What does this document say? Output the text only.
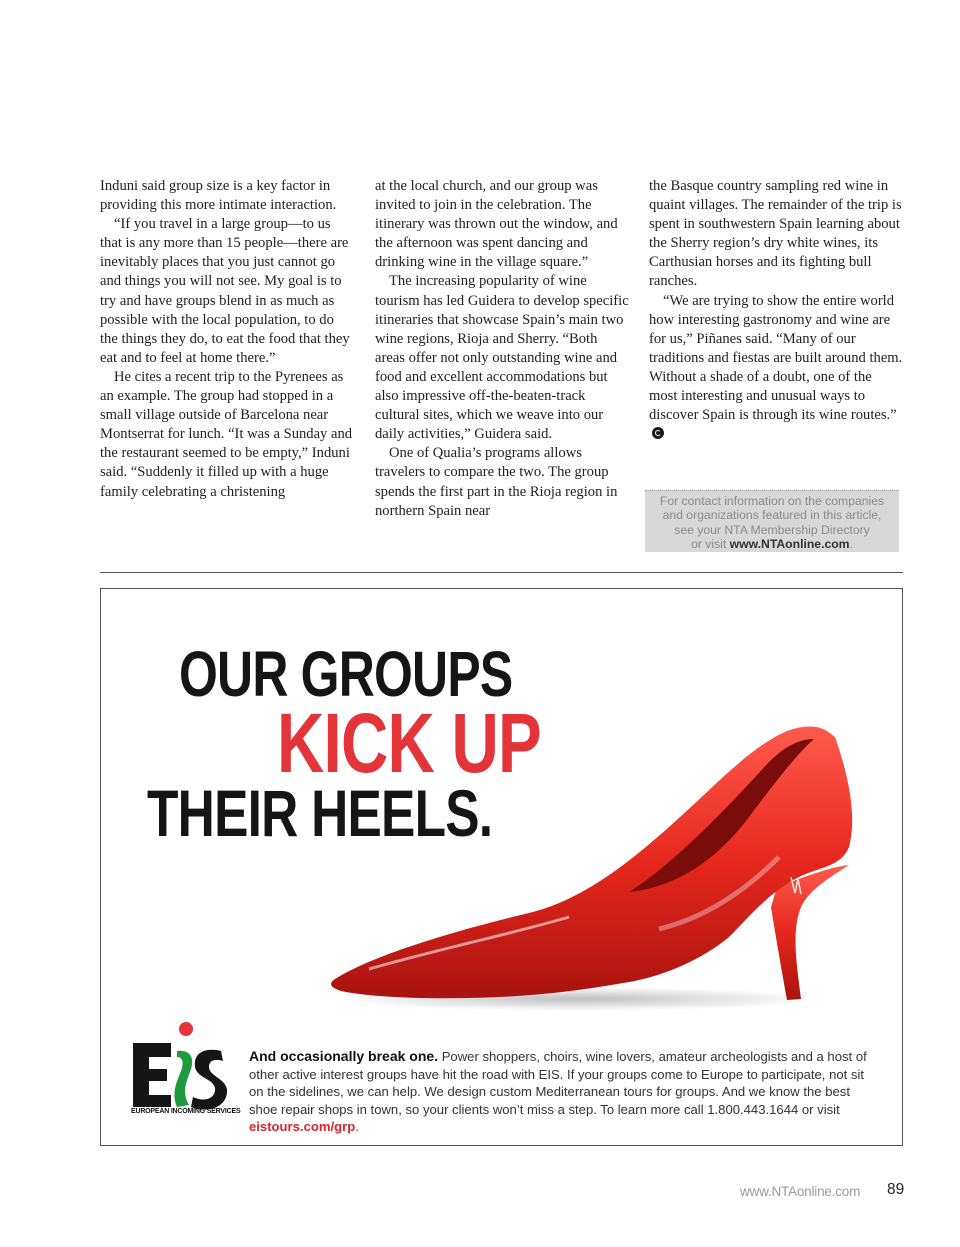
Induni said group size is a key factor in providing this more intimate interaction.

“If you travel in a large group—to us that is any more than 15 people—there are inevitably places that you just cannot go and things you will not see. My goal is to try and have groups blend in as much as possible with the local population, to do the things they do, to eat the food that they eat and to feel at home there.”

He cites a recent trip to the Pyrenees as an example. The group had stopped in a small village outside of Barcelona near Montserrat for lunch. “It was a Sunday and the restaurant seemed to be empty,” Induni said. “Suddenly it filled up with a huge family celebrating a christening

at the local church, and our group was invited to join in the celebration. The itinerary was thrown out the window, and the afternoon was spent dancing and drinking wine in the village square.”

The increasing popularity of wine tourism has led Guidera to develop specific itineraries that showcase Spain’s main two wine regions, Rioja and Sherry. “Both areas offer not only outstanding wine and food and excellent accommodations but also impressive off-the-beaten-track cultural sites, which we weave into our daily activities,” Guidera said.

One of Qualia’s programs allows travelers to compare the two. The group spends the first part in the Rioja region in northern Spain near

the Basque country sampling red wine in quaint villages. The remainder of the trip is spent in southwestern Spain learning about the Sherry region’s dry white wines, its Carthusian horses and its fighting bull ranches.

“We are trying to show the entire world how interesting gastronomy and wine are for us,” Piñanes said. “Many of our traditions and fiestas are built around them. Without a shade of a doubt, one of the most interesting and unusual ways to discover Spain is through its wine routes.”

For contact information on the companies
and organizations featured in this article,
see your NTA Membership Directory
or visit www.NTAonline.com.
OUR GROUPS
KICK UP
THEIR HEELS.
EUROPEAN INCOMING SERVICES
And occasionally break one. Power shoppers, choirs, wine lovers, amateur archeologists and a host of other active interest groups have hit the road with EIS. If your groups come to Europe to participate, not sit on the sidelines, we can help. We design custom Mediterranean tours for groups. And we know the best shoe repair shops in town, so your clients won’t miss a step. To learn more call 1.800.443.1644 or visit eistours.com/grp.
www.NTAonline.com 89
